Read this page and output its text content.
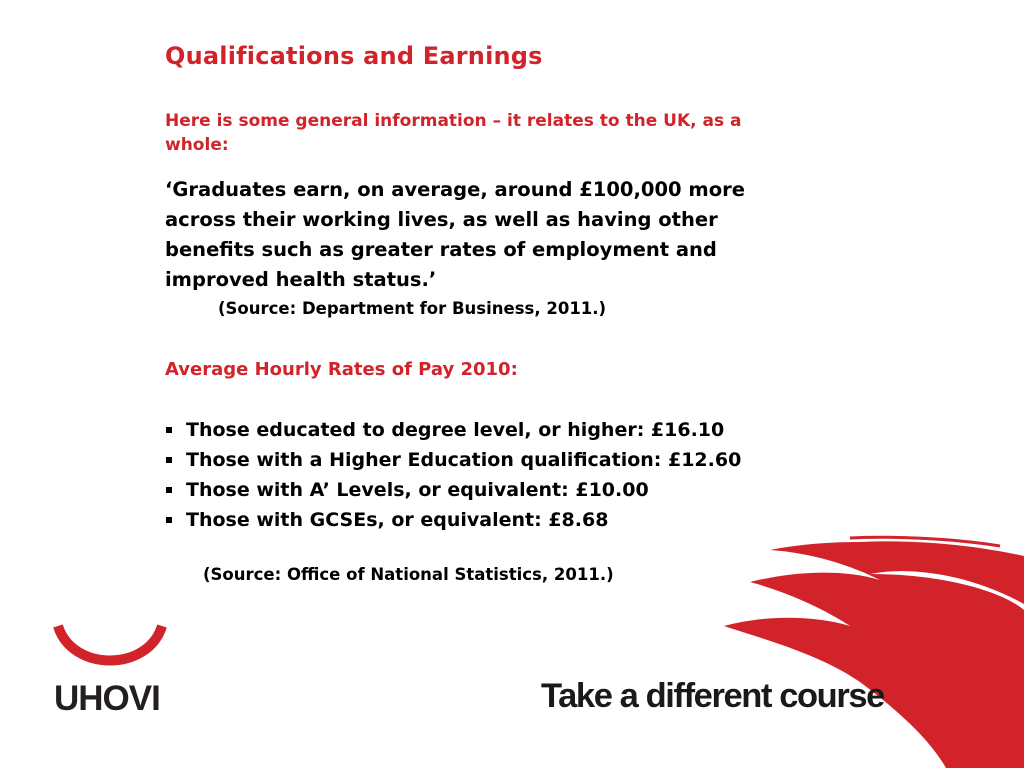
Qualifications and Earnings

Here is some general information – it relates to the UK, as a whole:

‘Graduates earn, on average, around £100,000 more across their working lives, as well as having other benefits such as greater rates of employment and improved health status.’

(Source: Department for Business, 2011.)

Average Hourly Rates of Pay 2010:
Those educated to degree level, or higher: £16.10
Those with a Higher Education qualification: £12.60
Those with A’ Levels, or equivalent: £10.00
Those with GCSEs, or equivalent: £8.68

(Source: Office of National Statistics, 2011.)

UHOVI	Take a different course
